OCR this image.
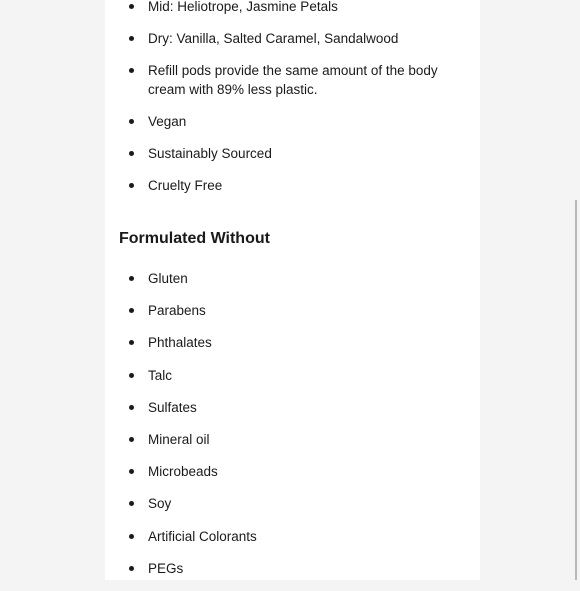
Mid: Heliotrope, Jasmine Petals
Dry: Vanilla, Salted Caramel, Sandalwood
Refill pods provide the same amount of the body cream with 89% less plastic.
Vegan
Sustainably Sourced
Cruelty Free
Formulated Without
Gluten
Parabens
Phthalates
Talc
Sulfates
Mineral oil
Microbeads
Soy
Artificial Colorants
PEGs
